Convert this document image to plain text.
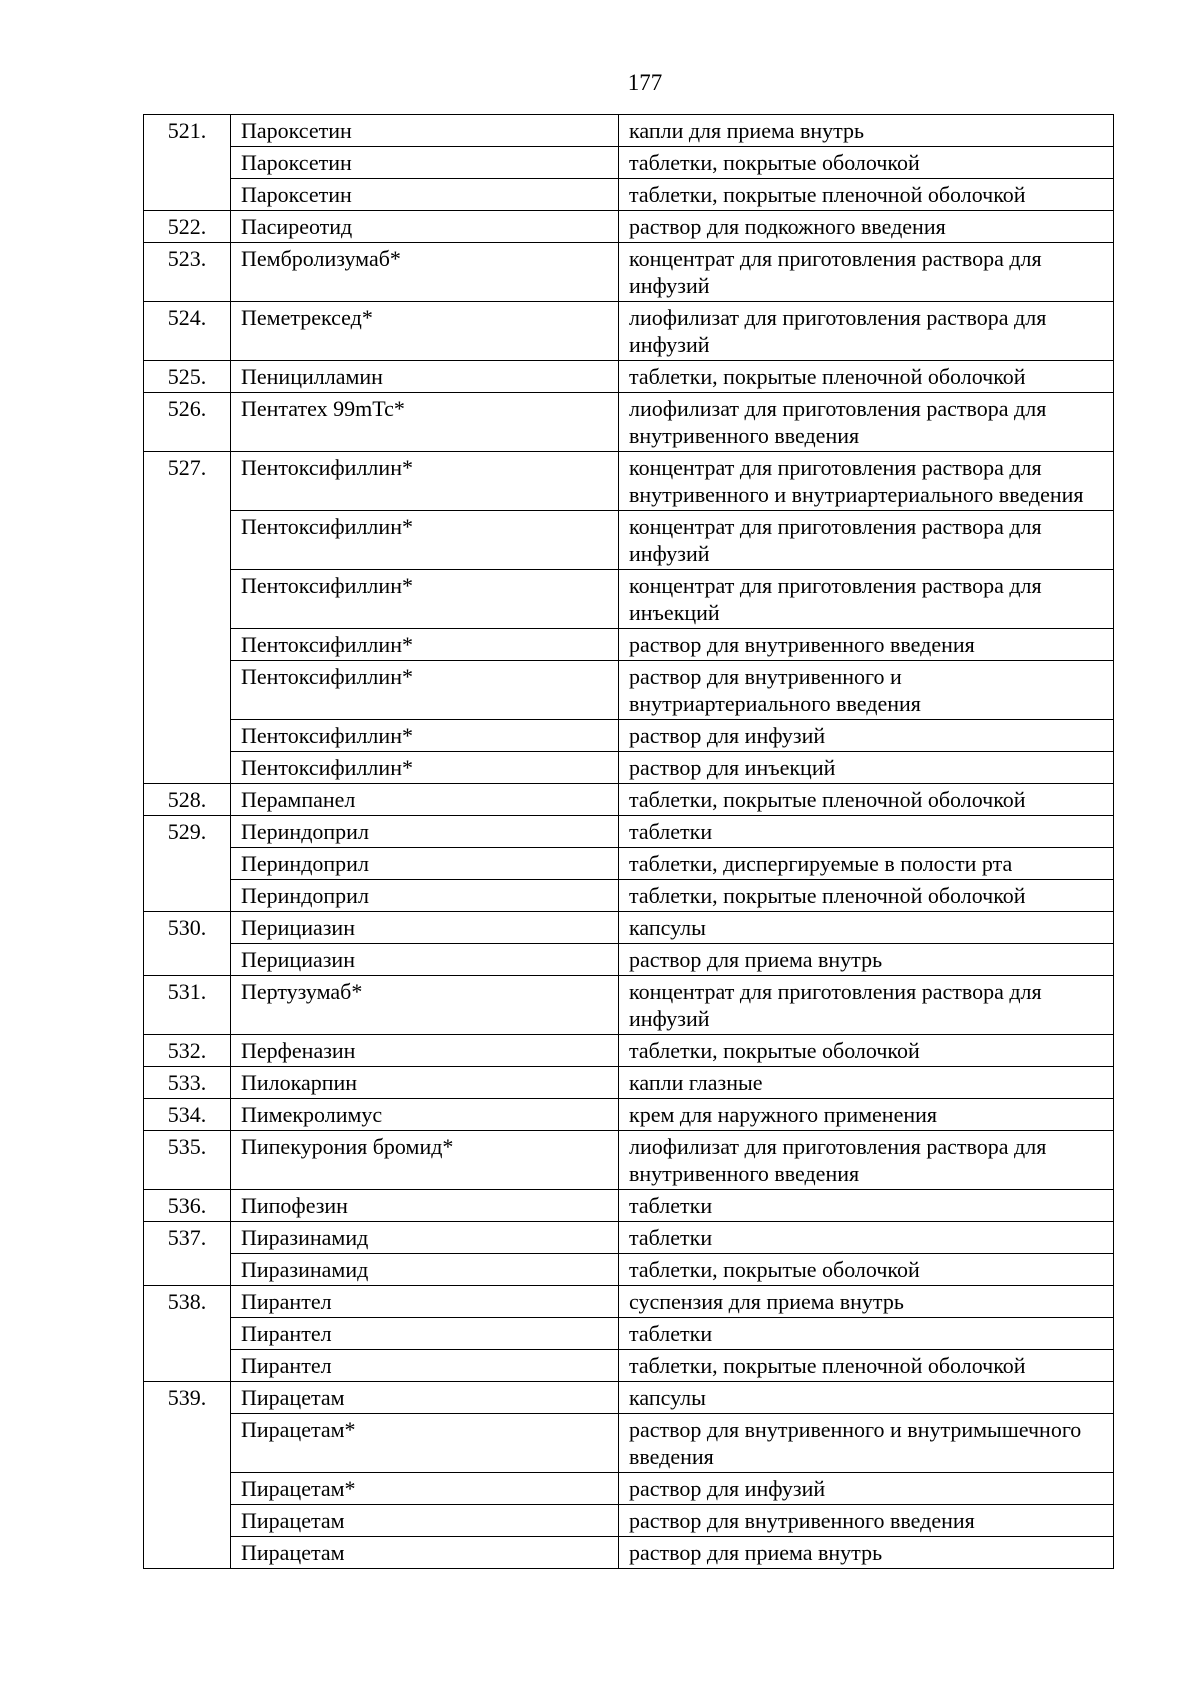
177
521.	Пароксетин	капли для приема внутрь
	Пароксетин	таблетки, покрытые оболочкой
	Пароксетин	таблетки, покрытые пленочной оболочкой
522.	Пасиреотид	раствор для подкожного введения
523.	Пембролизумаб*	концентрат для приготовления раствора для инфузий
524.	Пеметрексед*	лиофилизат для приготовления раствора для инфузий
525.	Пеницилламин	таблетки, покрытые пленочной оболочкой
526.	Пентатех 99mTc*	лиофилизат для приготовления раствора для внутривенного введения
527.	Пентоксифиллин*	концентрат для приготовления раствора для внутривенного и внутриартериального введения
	Пентоксифиллин*	концентрат для приготовления раствора для инфузий
	Пентоксифиллин*	концентрат для приготовления раствора для инъекций
	Пентоксифиллин*	раствор для внутривенного введения
	Пентоксифиллин*	раствор для внутривенного и внутриартериального введения
	Пентоксифиллин*	раствор для инфузий
	Пентоксифиллин*	раствор для инъекций
528.	Перампанел	таблетки, покрытые пленочной оболочкой
529.	Периндоприл	таблетки
	Периндоприл	таблетки, диспергируемые в полости рта
	Периндоприл	таблетки, покрытые пленочной оболочкой
530.	Перициазин	капсулы
	Перициазин	раствор для приема внутрь
531.	Пертузумаб*	концентрат для приготовления раствора для инфузий
532.	Перфеназин	таблетки, покрытые оболочкой
533.	Пилокарпин	капли глазные
534.	Пимекролимус	крем для наружного применения
535.	Пипекурония бромид*	лиофилизат для приготовления раствора для внутривенного введения
536.	Пипофезин	таблетки
537.	Пиразинамид	таблетки
	Пиразинамид	таблетки, покрытые оболочкой
538.	Пирантел	суспензия для приема внутрь
	Пирантел	таблетки
	Пирантел	таблетки, покрытые пленочной оболочкой
539.	Пирацетам	капсулы
	Пирацетам*	раствор для внутривенного и внутримышечного введения
	Пирацетам*	раствор для инфузий
	Пирацетам	раствор для внутривенного введения
	Пирацетам	раствор для приема внутрь
